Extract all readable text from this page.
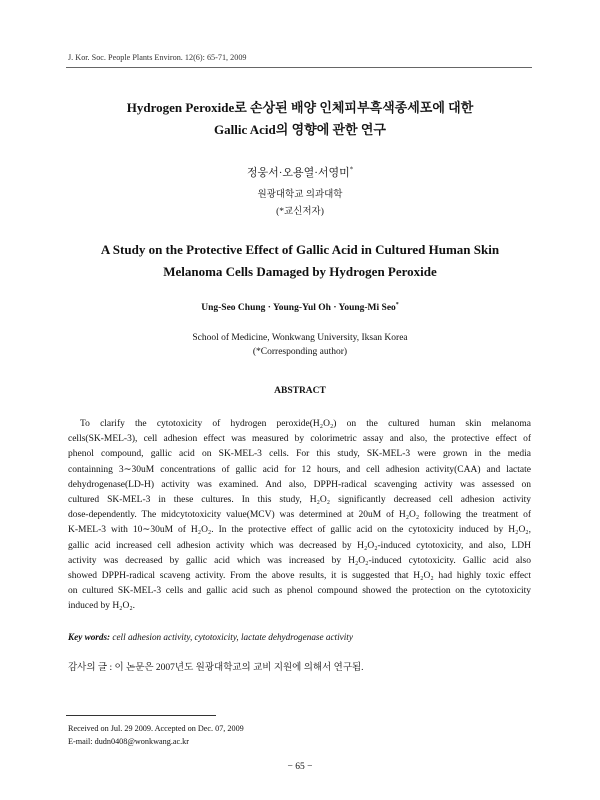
J. Kor. Soc. People Plants Environ. 12(6): 65-71, 2009
Hydrogen Peroxide로 손상된 배양 인체피부흑색종세포에 대한
Gallic Acid의 영향에 관한 연구
정웅서·오용열·서영미*
원광대학교 의과대학
(*교신저자)
A Study on the Protective Effect of Gallic Acid in Cultured Human Skin
Melanoma Cells Damaged by Hydrogen Peroxide
Ung-Seo Chung · Young-Yul Oh · Young-Mi Seo*
School of Medicine, Wonkwang University, Iksan Korea
(*Corresponding author)
ABSTRACT
To clarify the cytotoxicity of hydrogen peroxide(H₂O₂) on the cultured human skin melanoma
cells(SK-MEL-3), cell adhesion effect was measured by colorimetric assay and also, the protective effect of
phenol compound, gallic acid on SK-MEL-3 cells. For this study, SK-MEL-3 were grown in the media
containning 3∼30uM concentrations of gallic acid for 12 hours, and cell adhesion activity(CAA) and lactate
dehydrogenase(LD-H) activity was examined. And also, DPPH-radical scavenging activity was assessed on
cultured SK-MEL-3 in these cultures. In this study, H₂O₂ significantly decreased cell adhesion activity
dose-dependently. The midcytotoxicity value(MCV) was determined at 20uM of H₂O₂ following the treatment of
K-MEL-3 with 10∼30uM of H₂O₂. In the protective effect of gallic acid on the cytotoxicity induced by H₂O₂,
gallic acid increased cell adhesion activity which was decreased by H₂O₂-induced cytotoxicity, and also, LDH
activity was decreased by gallic acid which was increased by H₂O₂-induced cytotoxicity. Gallic acid also
showed DPPH-radical scaveng activity. From the above results, it is suggested that H₂O₂ had highly toxic effect
on cultured SK-MEL-3 cells and gallic acid such as phenol compound showed the protection on the cytotoxicity
induced by H₂O₂.
Key words: cell adhesion activity, cytotoxicity, lactate dehydrogenase activity
감사의 글 : 이 논문은 2007년도 원광대학교의 교비 지원에 의해서 연구됨.
Received on Jul. 29 2009. Accepted on Dec. 07, 2009
E-mail: dudn0408@wonkwang.ac.kr
− 65 −
